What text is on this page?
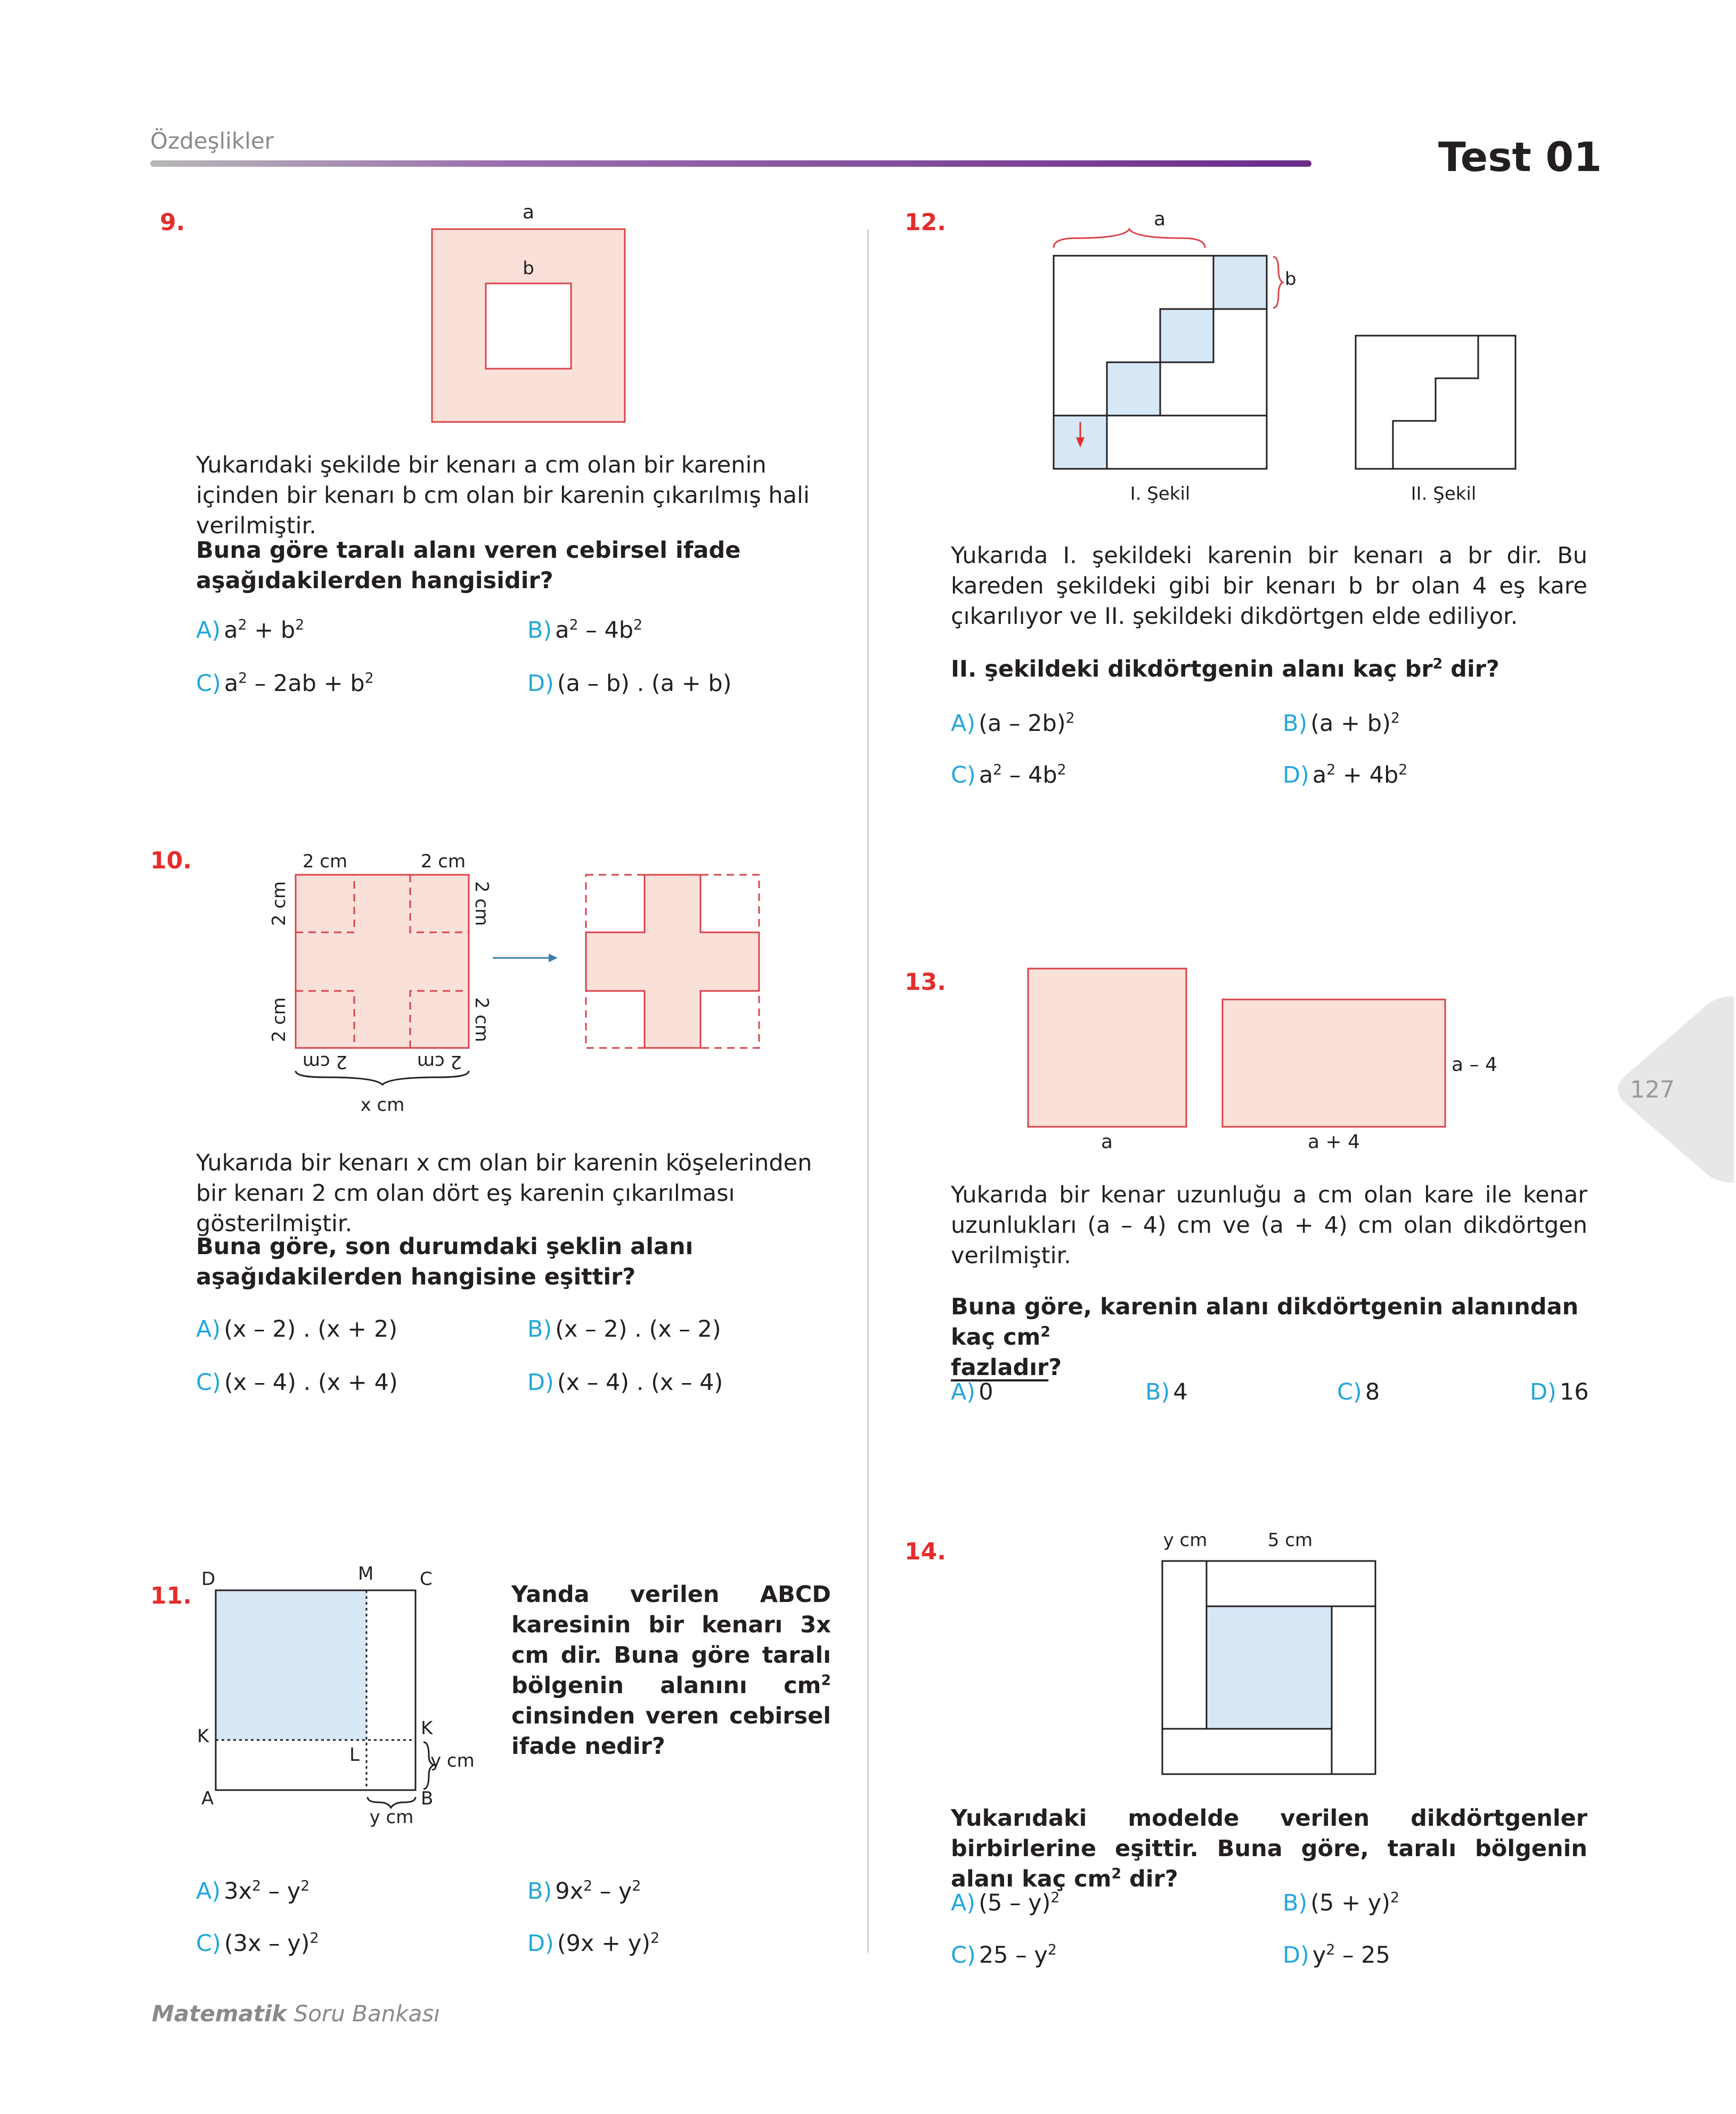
Özdeşlikler	Test 01
9.	a
b
Yukarıdaki şekilde bir kenarı a cm olan bir karenin içinden bir kenarı b cm olan bir karenin çıkarılmış hali verilmiştir.
Buna göre taralı alanı veren cebirsel ifade aşağıdakilerden hangisidir?
A) $a^2 + b^2$	B) $a^2 - 4b^2$
C) $a^2 - 2ab + b^2$	D) (a – b) . (a + b)
10.	2 cm	2 cm
2 cm
2 cm
2 cm
2 cm
2 cm	2 cm
x cm
Yukarıda bir kenarı x cm olan bir karenin köşelerinden bir kenarı 2 cm olan dört eş karenin çıkarılması gösterilmiştir.
Buna göre, son durumdaki şeklin alanı aşağıdakilerden hangisine eşittir?
A) (x – 2) . (x + 2)	B) (x – 2) . (x – 2)
C) (x – 4) . (x + 4)	D) (x – 4) . (x – 4)
11.
D	M	C
K	K
L
A	B
y cm
y cm
Yanda verilen ABCD karesinin bir kenarı 3x cm dir. Buna göre taralı bölgenin alanını $cm^2$ cinsinden veren cebirsel ifade nedir?
A) $3x^2 - y^2$	B) $9x^2 - y^2$
C) (3x – y)$^2$	D) $(9x + y)^2$
12.	a
b
I. Şekil	II. Şekil
Yukarıda I. şekildeki karenin bir kenarı a br dir. Bu kareden şekildeki gibi bir kenarı b br olan 4 eş kare çıkarılıyor ve II. şekildeki dikdörtgen elde ediliyor.
II. şekildeki dikdörtgenin alanı kaç $br^2$ dir?
A) (a – 2b)$^2$	B) $(a + b)^2$
C) $a^2 - 4b^2$	D) $a^2 + 4b^2$
13.
a	a + 4
a – 4
Yukarıda bir kenar uzunluğu a cm olan kare ile kenar uzunlukları (a – 4) cm ve (a + 4) cm olan dikdörtgen verilmiştir.
Buna göre, karenin alanı dikdörtgenin alanından kaç $cm^2$
fazladır?
A) 0	B) 4	C) 8	D) 16
14.	y cm	5 cm
Yukarıdaki modelde verilen dikdörtgenler birbirlerine eşittir. Buna göre, taralı bölgenin alanı kaç $cm^2$ dir?
A) (5 – y)$^2$	B) $(5 + y)^2$
C) $25 - y^2$	D) $y^2 - 25$
127
Matematik Soru Bankası
